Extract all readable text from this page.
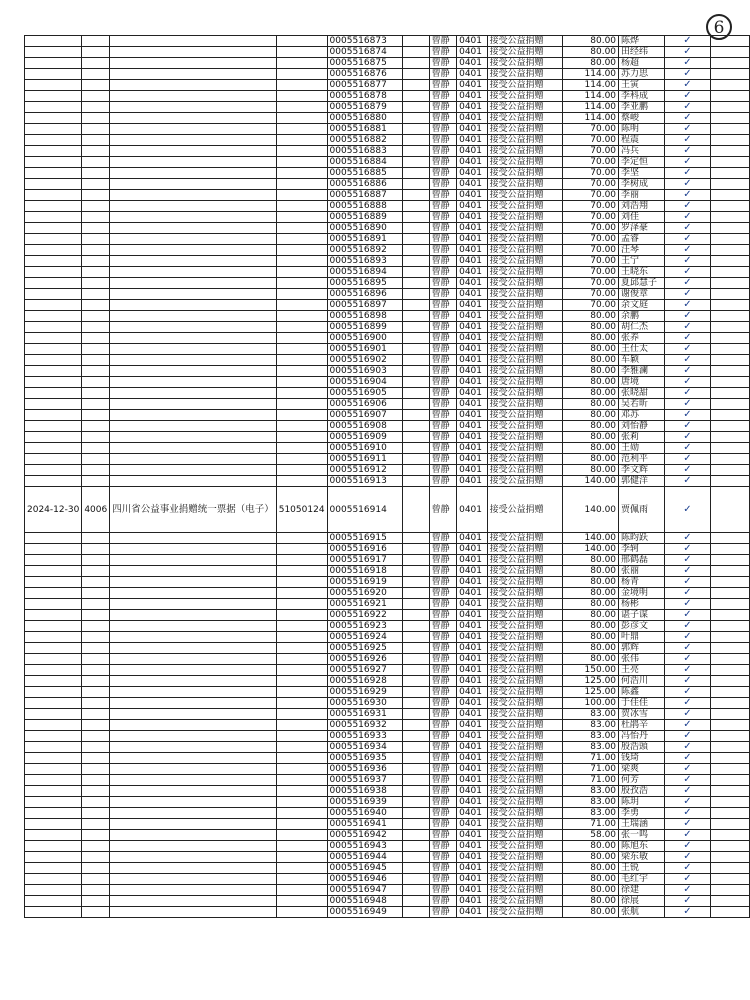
6
				0005516873		曾静	0401	接受公益捐赠	80.00	陈烨	✓	
				0005516874		曾静	0401	接受公益捐赠	80.00	田经纬	✓	
				0005516875		曾静	0401	接受公益捐赠	80.00	杨超	✓	
				0005516876		曾静	0401	接受公益捐赠	114.00	苏力思	✓	
				0005516877		曾静	0401	接受公益捐赠	114.00	王寅	✓	
				0005516878		曾静	0401	接受公益捐赠	114.00	李科成	✓	
				0005516879		曾静	0401	接受公益捐赠	114.00	李亚鹏	✓	
				0005516880		曾静	0401	接受公益捐赠	114.00	蔡峻	✓	
				0005516881		曾静	0401	接受公益捐赠	70.00	陈明	✓	
				0005516882		曾静	0401	接受公益捐赠	70.00	程震	✓	
				0005516883		曾静	0401	接受公益捐赠	70.00	冯兵	✓	
				0005516884		曾静	0401	接受公益捐赠	70.00	李定恒	✓	
				0005516885		曾静	0401	接受公益捐赠	70.00	李坚	✓	
				0005516886		曾静	0401	接受公益捐赠	70.00	李树成	✓	
				0005516887		曾静	0401	接受公益捐赠	70.00	李丽	✓	
				0005516888		曾静	0401	接受公益捐赠	70.00	刘浩翔	✓	
				0005516889		曾静	0401	接受公益捐赠	70.00	刘佳	✓	
				0005516890		曾静	0401	接受公益捐赠	70.00	罗泽豪	✓	
				0005516891		曾静	0401	接受公益捐赠	70.00	孟睿	✓	
				0005516892		曾静	0401	接受公益捐赠	70.00	汪琴	✓	
				0005516893		曾静	0401	接受公益捐赠	70.00	王宁	✓	
				0005516894		曾静	0401	接受公益捐赠	70.00	王晓东	✓	
				0005516895		曾静	0401	接受公益捐赠	70.00	夏邱慧子	✓	
				0005516896		曾静	0401	接受公益捐赠	70.00	谢俊章	✓	
				0005516897		曾静	0401	接受公益捐赠	70.00	余文庭	✓	
				0005516898		曾静	0401	接受公益捐赠	80.00	余鹏	✓	
				0005516899		曾静	0401	接受公益捐赠	80.00	胡仁杰	✓	
				0005516900		曾静	0401	接受公益捐赠	80.00	张养	✓	
				0005516901		曾静	0401	接受公益捐赠	80.00	王仕太	✓	
				0005516902		曾静	0401	接受公益捐赠	80.00	车颖	✓	
				0005516903		曾静	0401	接受公益捐赠	80.00	李雅澜	✓	
				0005516904		曾静	0401	接受公益捐赠	80.00	唐境	✓	
				0005516905		曾静	0401	接受公益捐赠	80.00	张晓甜	✓	
				0005516906		曾静	0401	接受公益捐赠	80.00	吴若昕	✓	
				0005516907		曾静	0401	接受公益捐赠	80.00	邓苏	✓	
				0005516908		曾静	0401	接受公益捐赠	80.00	刘怡静	✓	
				0005516909		曾静	0401	接受公益捐赠	80.00	张莉	✓	
				0005516910		曾静	0401	接受公益捐赠	80.00	王勋	✓	
				0005516911		曾静	0401	接受公益捐赠	80.00	范利平	✓	
				0005516912		曾静	0401	接受公益捐赠	80.00	李文辉	✓	
				0005516913		曾静	0401	接受公益捐赠	140.00	郭健洋	✓	
2024-12-30	4006	四川省公益事业捐赠统一票据（电子）	51050124	0005516914		曾静	0401	接受公益捐赠	140.00	贾佩雨	✓	
				0005516915		曾静	0401	接受公益捐赠	140.00	陈昀跃	✓	
				0005516916		曾静	0401	接受公益捐赠	140.00	李轲	✓	
				0005516917		曾静	0401	接受公益捐赠	80.00	邢鹤磊	✓	
				0005516918		曾静	0401	接受公益捐赠	80.00	张丽	✓	
				0005516919		曾静	0401	接受公益捐赠	80.00	杨青	✓	
				0005516920		曾静	0401	接受公益捐赠	80.00	金境明	✓	
				0005516921		曾静	0401	接受公益捐赠	80.00	杨彬	✓	
				0005516922		曾静	0401	接受公益捐赠	80.00	谌子谋	✓	
				0005516923		曾静	0401	接受公益捐赠	80.00	彭彦文	✓	
				0005516924		曾静	0401	接受公益捐赠	80.00	叶鼎	✓	
				0005516925		曾静	0401	接受公益捐赠	80.00	郭辉	✓	
				0005516926		曾静	0401	接受公益捐赠	80.00	张伟	✓	
				0005516927		曾静	0401	接受公益捐赠	150.00	王亮	✓	
				0005516928		曾静	0401	接受公益捐赠	125.00	何浩川	✓	
				0005516929		曾静	0401	接受公益捐赠	125.00	陈鑫	✓	
				0005516930		曾静	0401	接受公益捐赠	100.00	于佳佳	✓	
				0005516931		曾静	0401	接受公益捐赠	83.00	贺冰雪	✓	
				0005516932		曾静	0401	接受公益捐赠	83.00	杜鹃辛	✓	
				0005516933		曾静	0401	接受公益捐赠	83.00	冯怡丹	✓	
				0005516934		曾静	0401	接受公益捐赠	83.00	殷浩頭	✓	
				0005516935		曾静	0401	接受公益捐赠	71.00	钱琦	✓	
				0005516936		曾静	0401	接受公益捐赠	71.00	梁爽	✓	
				0005516937		曾静	0401	接受公益捐赠	71.00	何芳	✓	
				0005516938		曾静	0401	接受公益捐赠	83.00	殷孜浩	✓	
				0005516939		曾静	0401	接受公益捐赠	83.00	陈玥	✓	
				0005516940		曾静	0401	接受公益捐赠	83.00	李勇	✓	
				0005516941		曾静	0401	接受公益捐赠	71.00	王瑞涵	✓	
				0005516942		曾静	0401	接受公益捐赠	58.00	张一鸣	✓	
				0005516943		曾静	0401	接受公益捐赠	80.00	陈旭东	✓	
				0005516944		曾静	0401	接受公益捐赠	80.00	梁东敏	✓	
				0005516945		曾静	0401	接受公益捐赠	80.00	王锐	✓	
				0005516946		曾静	0401	接受公益捐赠	80.00	毛红宇	✓	
				0005516947		曾静	0401	接受公益捐赠	80.00	徐建	✓	
				0005516948		曾静	0401	接受公益捐赠	80.00	徐展	✓	
				0005516949		曾静	0401	接受公益捐赠	80.00	张航	✓	
